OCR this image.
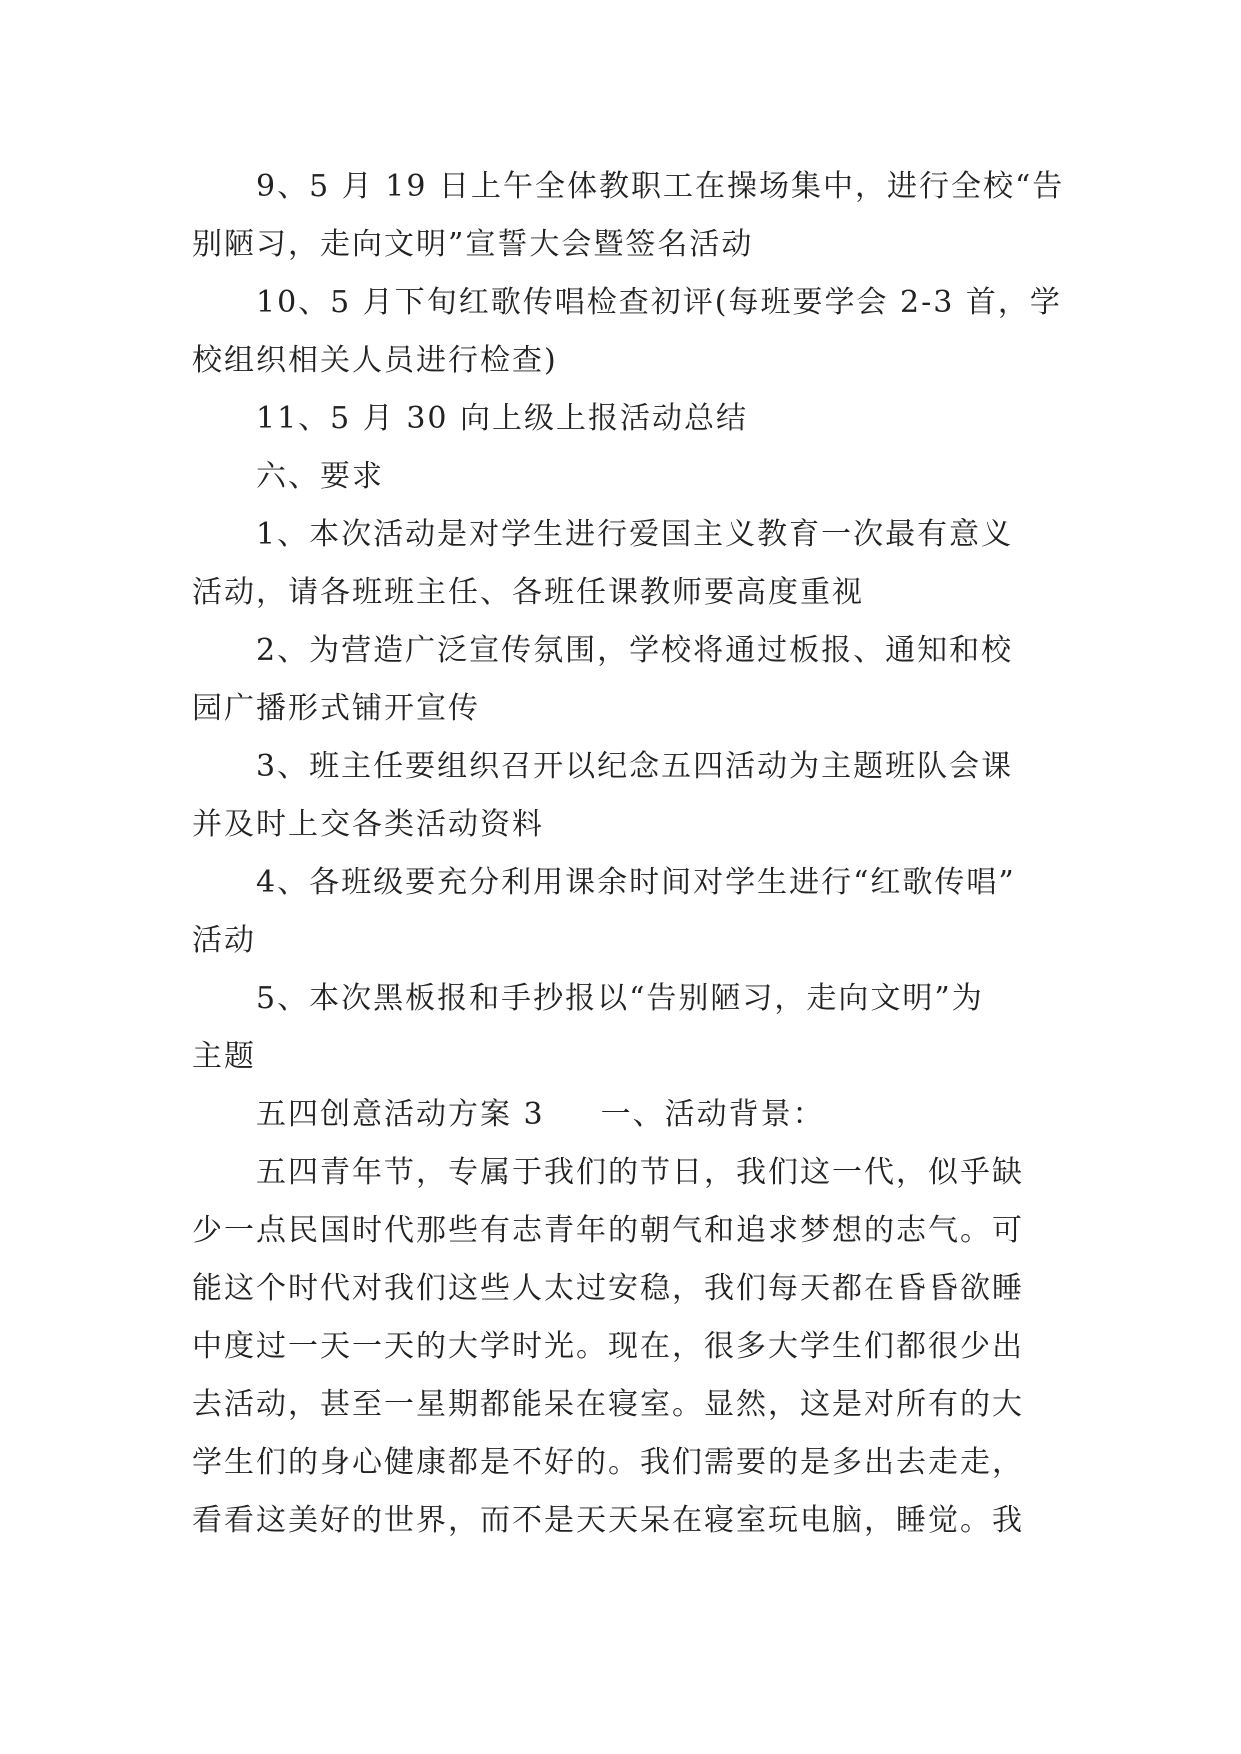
9、5 月 19 日上午全体教职工在操场集中，进行全校“告
别陋习，走向文明”宣誓大会暨签名活动
10、5 月下旬红歌传唱检查初评(每班要学会 2-3 首，学
校组织相关人员进行检查)
11、5 月 30 向上级上报活动总结
六、要求
1、本次活动是对学生进行爱国主义教育一次最有意义
活动，请各班班主任、各班任课教师要高度重视
2、为营造广泛宣传氛围，学校将通过板报、通知和校
园广播形式铺开宣传
3、班主任要组织召开以纪念五四活动为主题班队会课
并及时上交各类活动资料
4、各班级要充分利用课余时间对学生进行“红歌传唱”
活动
5、本次黑板报和手抄报以“告别陋习，走向文明”为
主题
五四创意活动方案 3 一、活动背景：
五四青年节，专属于我们的节日，我们这一代，似乎缺
少一点民国时代那些有志青年的朝气和追求梦想的志气。可
能这个时代对我们这些人太过安稳，我们每天都在昏昏欲睡
中度过一天一天的大学时光。现在，很多大学生们都很少出
去活动，甚至一星期都能呆在寝室。显然，这是对所有的大
学生们的身心健康都是不好的。我们需要的是多出去走走，
看看这美好的世界，而不是天天呆在寝室玩电脑，睡觉。我
